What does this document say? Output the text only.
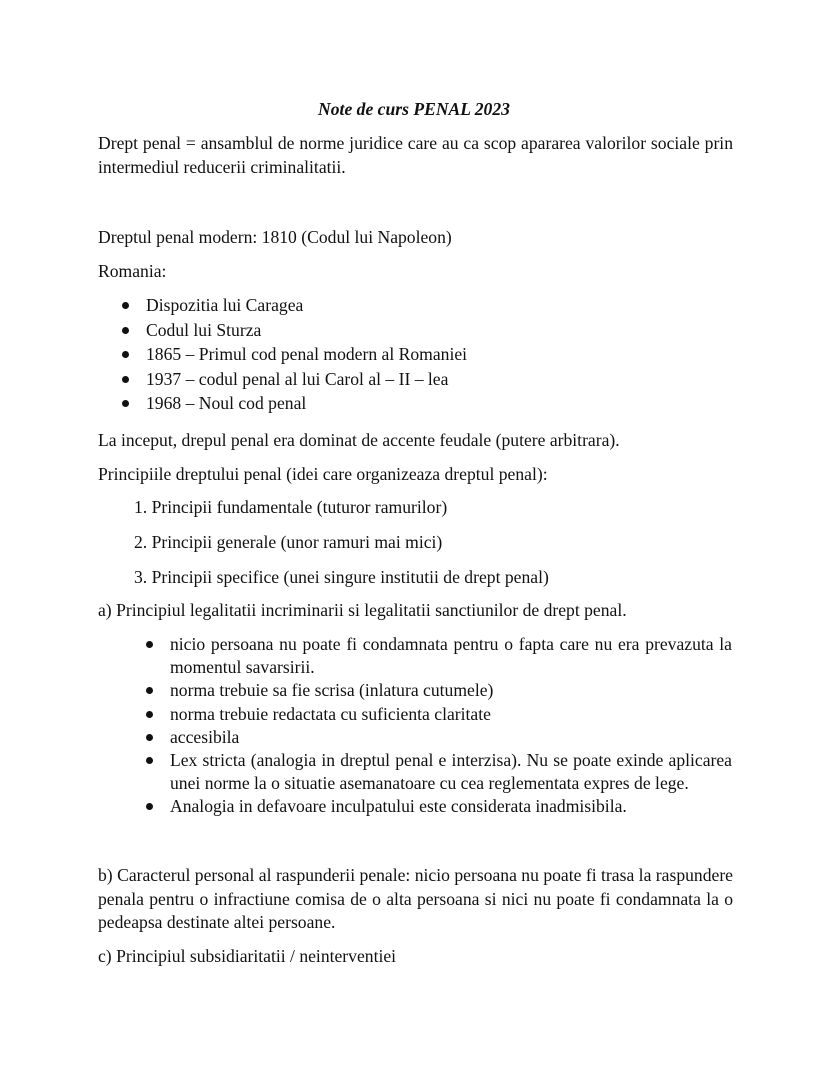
Note de curs PENAL 2023
Drept penal = ansamblul de norme juridice care au ca scop apararea valorilor sociale prin intermediul reducerii criminalitatii.
Dreptul penal modern: 1810 (Codul lui Napoleon)
Romania:
Dispozitia lui Caragea
Codul lui Sturza
1865 – Primul cod penal modern al Romaniei
1937 – codul penal al lui Carol al – II – lea
1968 – Noul cod penal
La inceput, drepul penal era dominat de accente feudale (putere arbitrara).
Principiile dreptului penal (idei care organizeaza dreptul penal):
1. Principii fundamentale (tuturor ramurilor)
2. Principii generale (unor ramuri mai mici)
3. Principii specifice (unei singure institutii de drept penal)
a) Principiul legalitatii incriminarii si legalitatii sanctiunilor de drept penal.
nicio persoana nu poate fi condamnata pentru o fapta care nu era prevazuta la momentul savarsirii.
norma trebuie sa fie scrisa (inlatura cutumele)
norma trebuie redactata cu suficienta claritate
accesibila
Lex stricta (analogia in dreptul penal e interzisa). Nu se poate exinde aplicarea unei norme la o situatie asemanatoare cu cea reglementata expres de lege.
Analogia in defavoare inculpatului este considerata inadmisibila.
b) Caracterul personal al raspunderii penale: nicio persoana nu poate fi trasa la raspundere penala pentru o infractiune comisa de o alta persoana si nici nu poate fi condamnata la o pedeapsa destinate altei persoane.
c) Principiul subsidiaritatii / neinterventiei
